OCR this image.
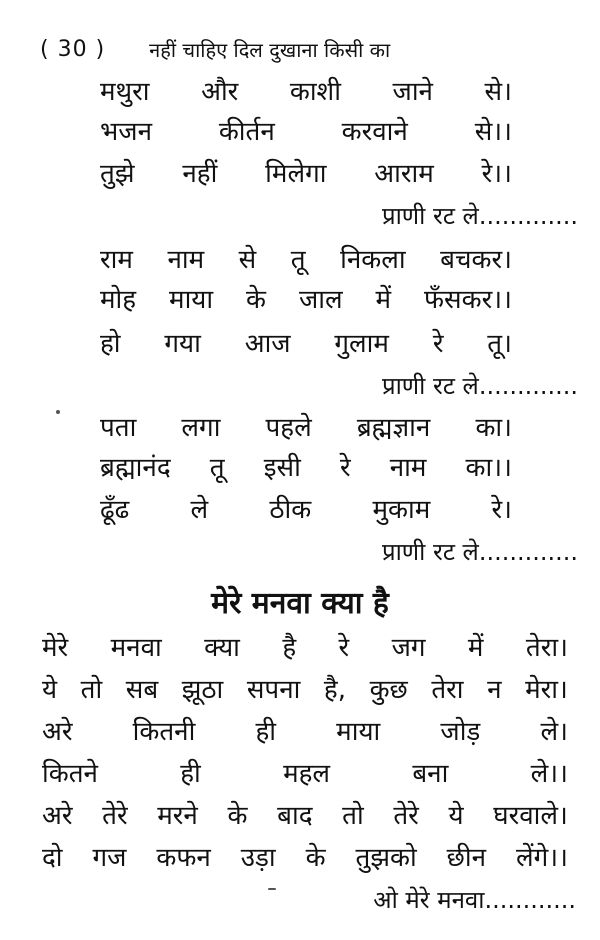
( 30 ) नहीं चाहिए दिल दुखाना किसी का
मथुरा और काशी जाने से।
भजन	कीर्तन	करवाने	से।।
तुझे नहीं मिलेगा आराम रे।।
प्राणी रट ले.............
राम नाम से तू निकला बचकर।
मोह माया के जाल में फँसकर।।
हो गया आज गुलाम रे तू।
प्राणी रट ले.............
पता लगा पहले ब्रह्मज्ञान का।
ब्रह्मानंद तू इसी रे नाम का।।
ढूँढ ले ठीक मुकाम रे।
प्राणी रट ले.............
मेरे मनवा क्या है
मेरे मनवा क्या है रे जग में तेरा।
ये तो सब झूठा सपना है, कुछ तेरा न मेरा।
अरे कितनी ही माया जोड़ ले।
कितने	ही	महल	बना	ले।।
अरे तेरे मरने के बाद तो तेरे ये घरवाले।
दो गज कफन उड़ा के तुझको छीन लेंगे।।
ओ मेरे मनवा............
